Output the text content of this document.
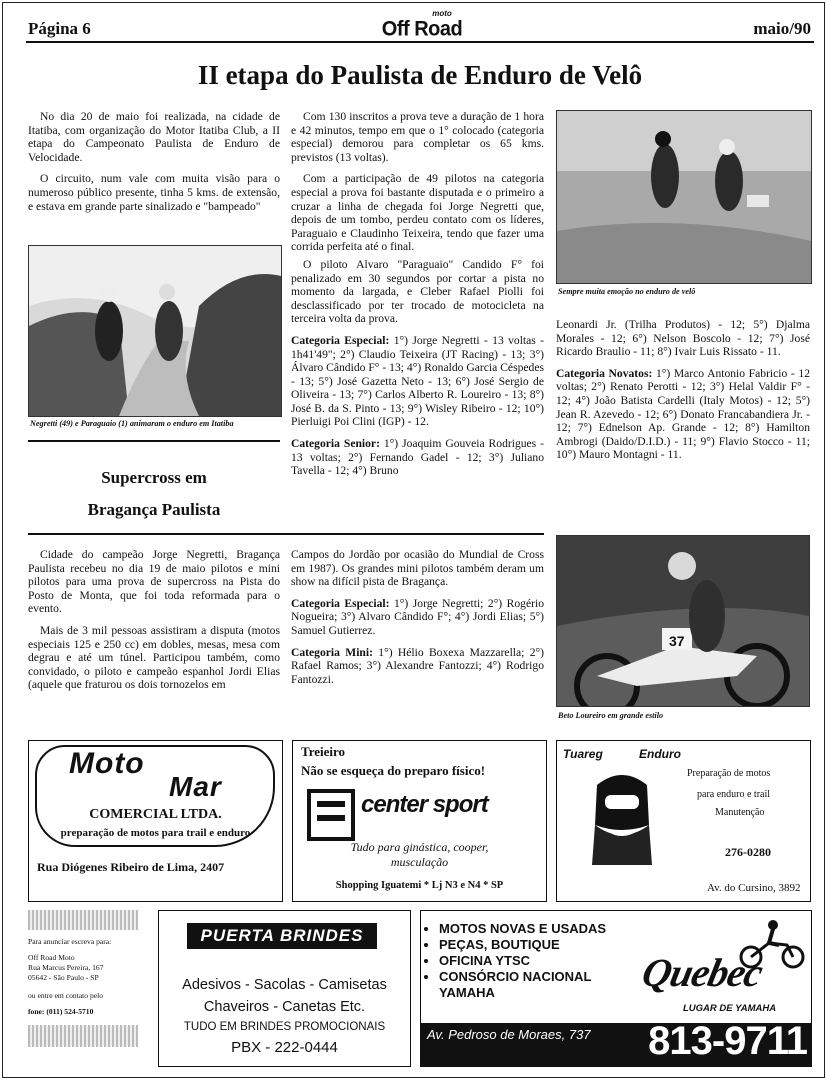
Página 6
moto
Off Road	maio/90
II etapa do Paulista de Enduro de Velô

No dia 20 de maio foi realizada, na cidade de Itatiba, com organização do Motor Itatiba Club, a II etapa do Campeonato Paulista de Enduro de Velocidade.

O circuito, num vale com muita visão para o numeroso público presente, tinha 5 kms. de extensão, e estava em grande parte sinalizado e "bampeado"

Negretti (49) e Paraguaio (1) animaram o enduro em Itatiba
Supercross em
Bragança Paulista

Cidade do campeão Jorge Negretti, Bragança Paulista recebeu no dia 19 de maio pilotos e mini pilotos para uma prova de supercross na Pista do Posto de Monta, que foi toda reformada para o evento.

Mais de 3 mil pessoas assistiram a disputa (motos especiais 125 e 250 cc) em dobles, mesas, mesa com degrau e até um túnel. Participou também, como convidado, o piloto e campeão espanhol Jordi Elias (aquele que fraturou os dois tornozelos em

Com 130 inscritos a prova teve a duração de 1 hora e 42 minutos, tempo em que o 1° colocado (categoria especial) demorou para completar os 65 kms. previstos (13 voltas).

Com a participação de 49 pilotos na categoria especial a prova foi bastante disputada e o primeiro a cruzar a linha de chegada foi Jorge Negretti que, depois de um tombo, perdeu contato com os líderes, Paraguaio e Claudinho Teixeira, tendo que fazer uma corrida perfeita até o final.

O piloto Alvaro "Paraguaio" Candido F° foi penalizado em 30 segundos por cortar a pista no momento da largada, e Cleber Rafael Piolli foi desclassificado por ter trocado de motocicleta na terceira volta da prova.

Categoria Especial: 1°) Jorge Negretti - 13 voltas - 1h41'49"; 2°) Claudio Teixeira (JT Racing) - 13; 3°) Álvaro Cândido F° - 13; 4°) Ronaldo Garcia Céspedes - 13; 5°) José Gazetta Neto - 13; 6°) José Sergio de Oliveira - 13; 7°) Carlos Alberto R. Loureiro - 13; 8°) José B. da S. Pinto - 13; 9°) Wisley Ribeiro - 12; 10°) Pierluigi Poi Clini (IGP) - 12.

Categoria Senior: 1°) Joaquim Gouveia Rodrigues - 13 voltas; 2°) Fernando Gadel - 12; 3°) Juliano Tavella - 12; 4°) Bruno

Campos do Jordão por ocasião do Mundial de Cross em 1987). Os grandes mini pilotos também deram um show na difícil pista de Bragança.

Categoria Especial: 1°) Jorge Negretti; 2°) Rogério Nogueira; 3°) Alvaro Cândido F°; 4°) Jordi Elias; 5°) Samuel Gutierrez.

Categoria Mini: 1°) Hélio Boxexa Mazzarella; 2°) Rafael Ramos; 3°) Alexandre Fantozzi; 4°) Rodrigo Fantozzi.

Sempre muita emoção no enduro de velô

Leonardi Jr. (Trilha Produtos) - 12; 5°) Djalma Morales - 12; 6°) Nelson Boscolo - 12; 7°) José Ricardo Braulio - 11; 8°) Ivair Luis Rissato - 11.

Categoria Novatos: 1°) Marco Antonio Fabricio - 12 voltas; 2°) Renato Perotti - 12; 3°) Helal Valdir F° - 12; 4°) João Batista Cardelli (Italy Motos) - 12; 5°) Jean R. Azevedo - 12; 6°) Donato Francabandiera Jr. - 12; 7°) Ednelson Ap. Grande - 12; 8°) Hamilton Ambrogi (Daido/D.I.D.) - 11; 9°) Flavio Stocco - 11; 10°) Mauro Montagni - 11.

37
Beto Loureiro em grande estilo
Moto
Mar
COMERCIAL LTDA.
preparação de motos para trail e enduro
Rua Diógenes Ribeiro de Lima, 2407
Treieiro
Não se esqueça do preparo físico!
center sport
Tudo para ginástica, cooper,
musculação
Shopping Iguatemi * Lj N3 e N4 * SP
Tuareg	Enduro
Preparação de motos
para enduro e trail
Manutenção
276-0280
Av. do Cursino, 3892
Para anunciar escreva para:
Off Road Moto
Rua Marcus Pereira, 167
05642 - São Paulo - SP
ou entre em contato pelo
fone: (011) 524-5710
PUERTA BRINDES
Adesivos - Sacolas - Camisetas
Chaveiros - Canetas Etc.
TUDO EM BRINDES PROMOCIONAIS
PBX - 222-0444
• MOTOS NOVAS E USADAS
• PEÇAS, BOUTIQUE
• OFICINA YTSC
• CONSÓRCIO NACIONAL YAMAHA	Quebec
LUGAR DE YAMAHA
Av. Pedroso de Moraes, 737 813-9711
